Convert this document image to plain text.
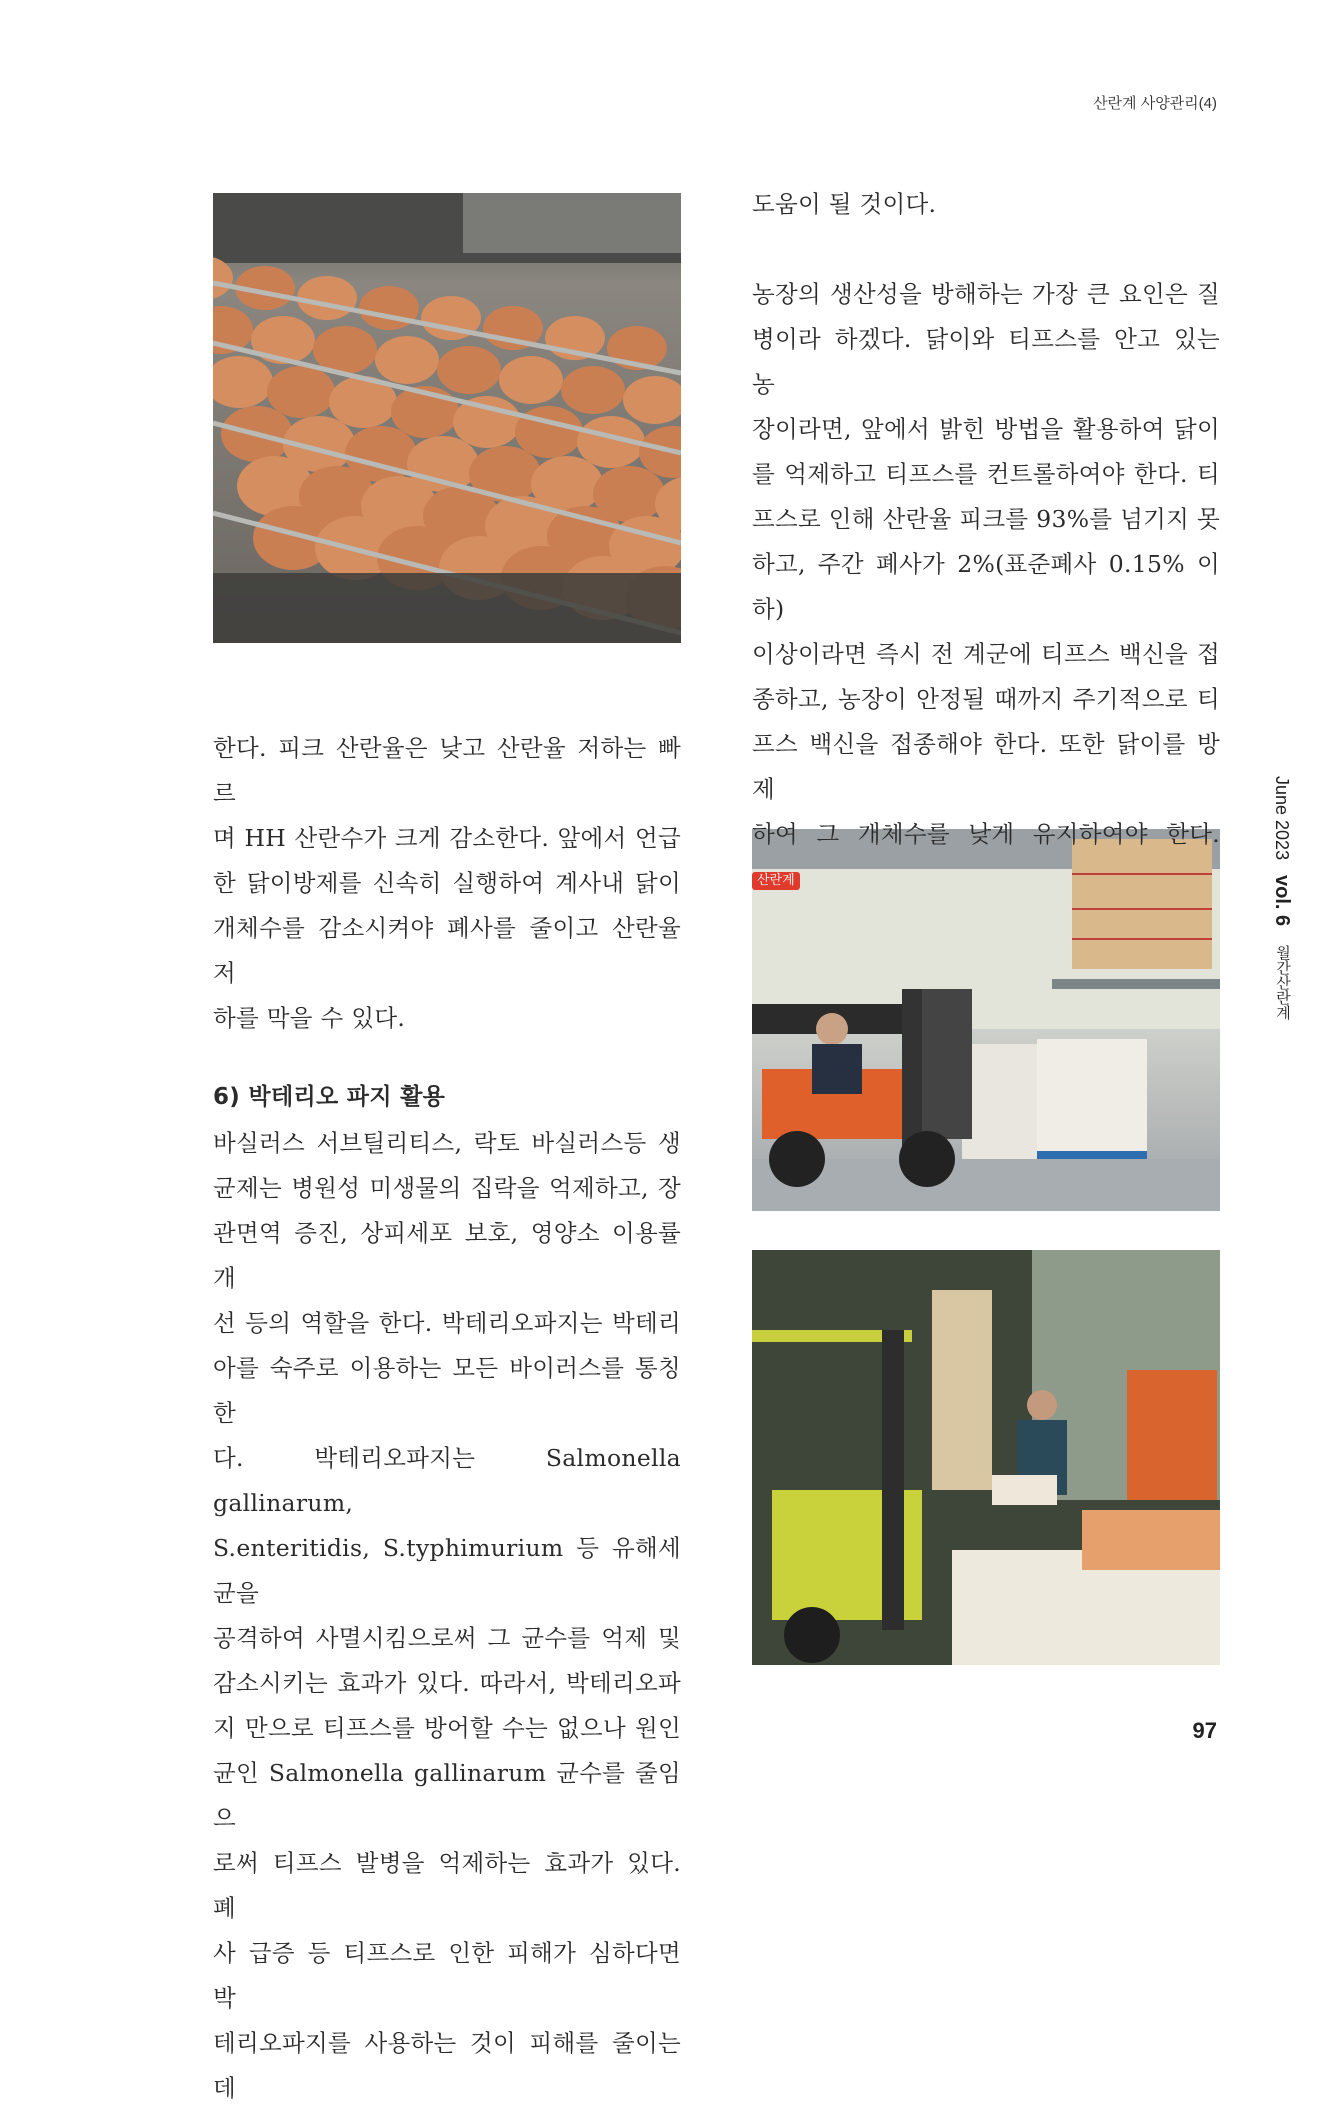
산란계 사양관리(4)

도움이 될 것이다.

농장의 생산성을 방해하는 가장 큰 요인은 질

병이라 하겠다. 닭이와 티프스를 안고 있는 농

장이라면, 앞에서 밝힌 방법을 활용하여 닭이

를 억제하고 티프스를 컨트롤하여야 한다. 티

프스로 인해 산란율 피크를 93%를 넘기지 못

하고, 주간 폐사가 2%(표준폐사 0.15% 이하)

이상이라면 즉시 전 계군에 티프스 백신을 접

종하고, 농장이 안정될 때까지 주기적으로 티

프스 백신을 접종해야 한다. 또한 닭이를 방제

하여 그 개체수를 낮게 유지하여야 한다. 산란계

한다. 피크 산란율은 낮고 산란율 저하는 빠르

며 HH 산란수가 크게 감소한다. 앞에서 언급

한 닭이방제를 신속히 실행하여 계사내 닭이

개체수를 감소시켜야 폐사를 줄이고 산란율 저

하를 막을 수 있다.

6) 박테리오 파지 활용

바실러스 서브틸리티스, 락토 바실러스등 생

균제는 병원성 미생물의 집락을 억제하고, 장

관면역 증진, 상피세포 보호, 영양소 이용률 개

선 등의 역할을 한다. 박테리오파지는 박테리

아를 숙주로 이용하는 모든 바이러스를 통칭한

다. 박테리오파지는 Salmonella gallinarum,

S.enteritidis, S.typhimurium 등 유해세균을

공격하여 사멸시킴으로써 그 균수를 억제 및

감소시키는 효과가 있다. 따라서, 박테리오파

지 만으로 티프스를 방어할 수는 없으나 원인

균인 Salmonella gallinarum 균수를 줄임으

로써 티프스 발병을 억제하는 효과가 있다. 폐

사 급증 등 티프스로 인한 피해가 심하다면 박

테리오파지를 사용하는 것이 피해를 줄이는데

June 2023 vol. 6 월간산란계
97
